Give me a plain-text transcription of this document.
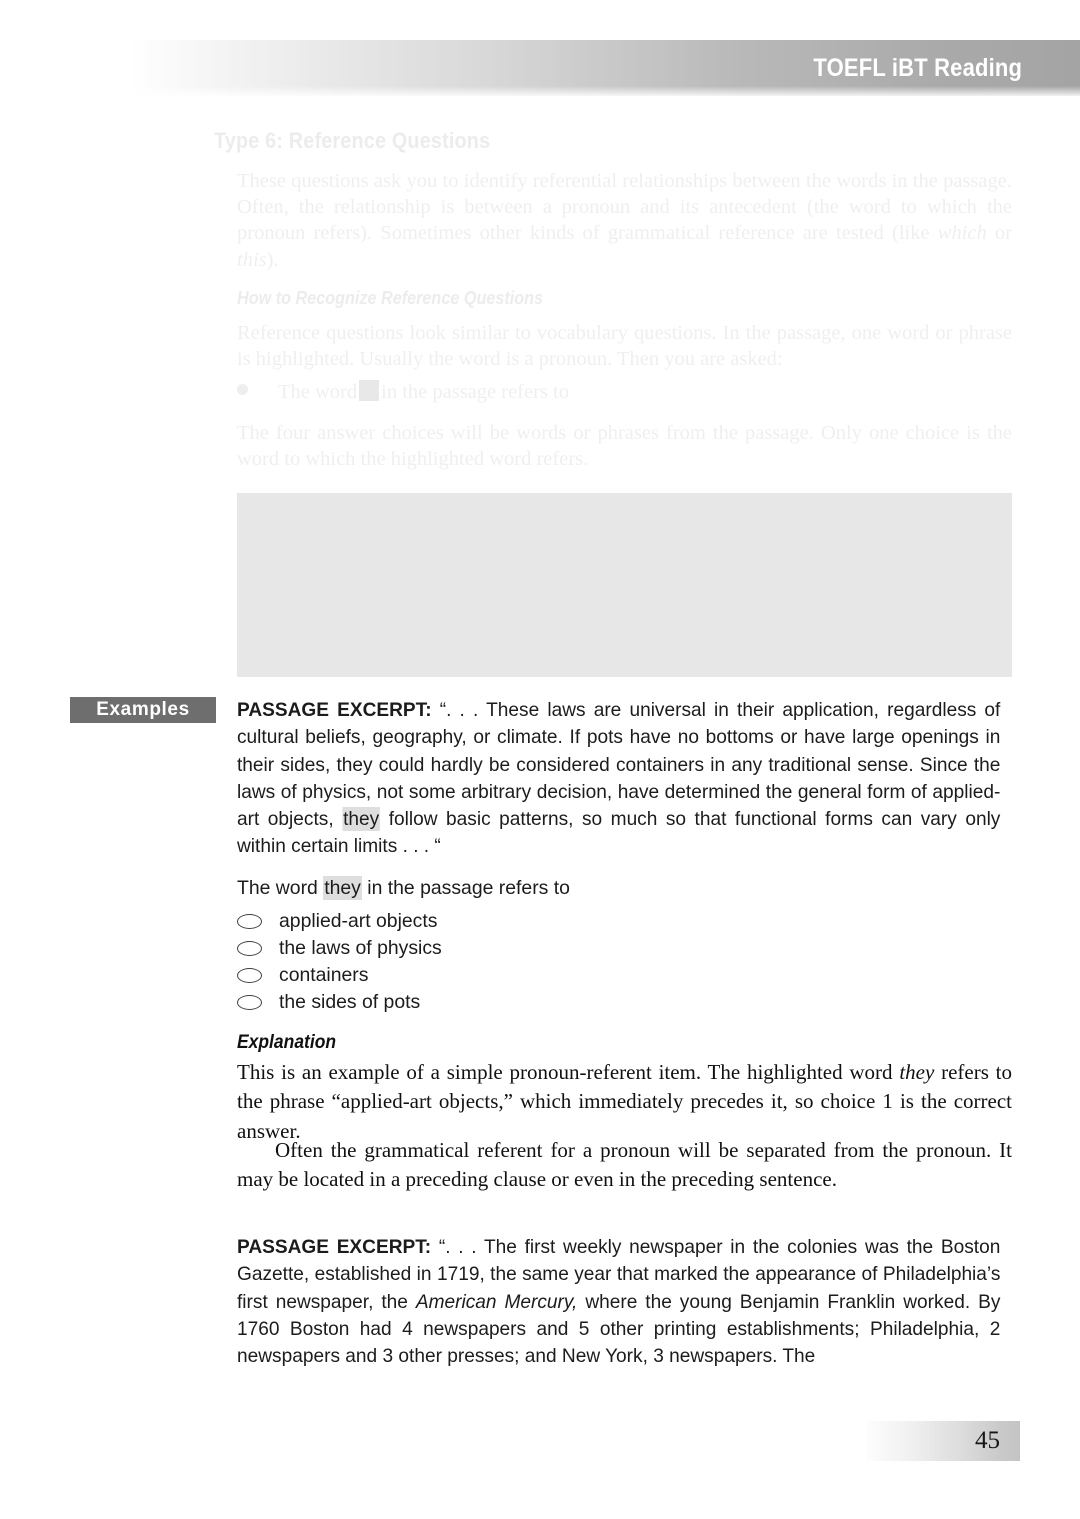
TOEFL iBT Reading
Type 6: Reference Questions
These questions ask you to identify referential relationships between the words in the passage. Often, the relationship is between a pronoun and its antecedent (the word to which the pronoun refers). Sometimes other kinds of grammatical reference are tested (like which or this).
How to Recognize Reference Questions
Reference questions look similar to vocabulary questions. In the passage, one word or phrase is highlighted. Usually the word is a pronoun. Then you are asked:
The word in the passage refers to
The four answer choices will be words or phrases from the passage. Only one choice is the word to which the highlighted word refers.
Examples PASSAGE EXCERPT: “. . . These laws are universal in their application, regardless of cultural beliefs, geography, or climate. If pots have no bottoms or have large openings in their sides, they could hardly be considered containers in any traditional sense. Since the laws of physics, not some arbitrary decision, have determined the general form of applied-art objects, they follow basic patterns, so much so that functional forms can vary only within certain limits . . . “
The word they in the passage refers to
applied-art objects
the laws of physics
containers
the sides of pots
Explanation
This is an example of a simple pronoun-referent item. The highlighted word they refers to the phrase “applied-art objects,” which immediately precedes it, so choice 1 is the correct answer.
Often the grammatical referent for a pronoun will be separated from the pronoun. It may be located in a preceding clause or even in the preceding sentence.
PASSAGE EXCERPT: “. . . The first weekly newspaper in the colonies was the Boston Gazette, established in 1719, the same year that marked the appearance of Philadelphia’s first newspaper, the American Mercury, where the young Benjamin Franklin worked. By 1760 Boston had 4 newspapers and 5 other printing establishments; Philadelphia, 2 newspapers and 3 other presses; and New York, 3 newspapers. The
45
